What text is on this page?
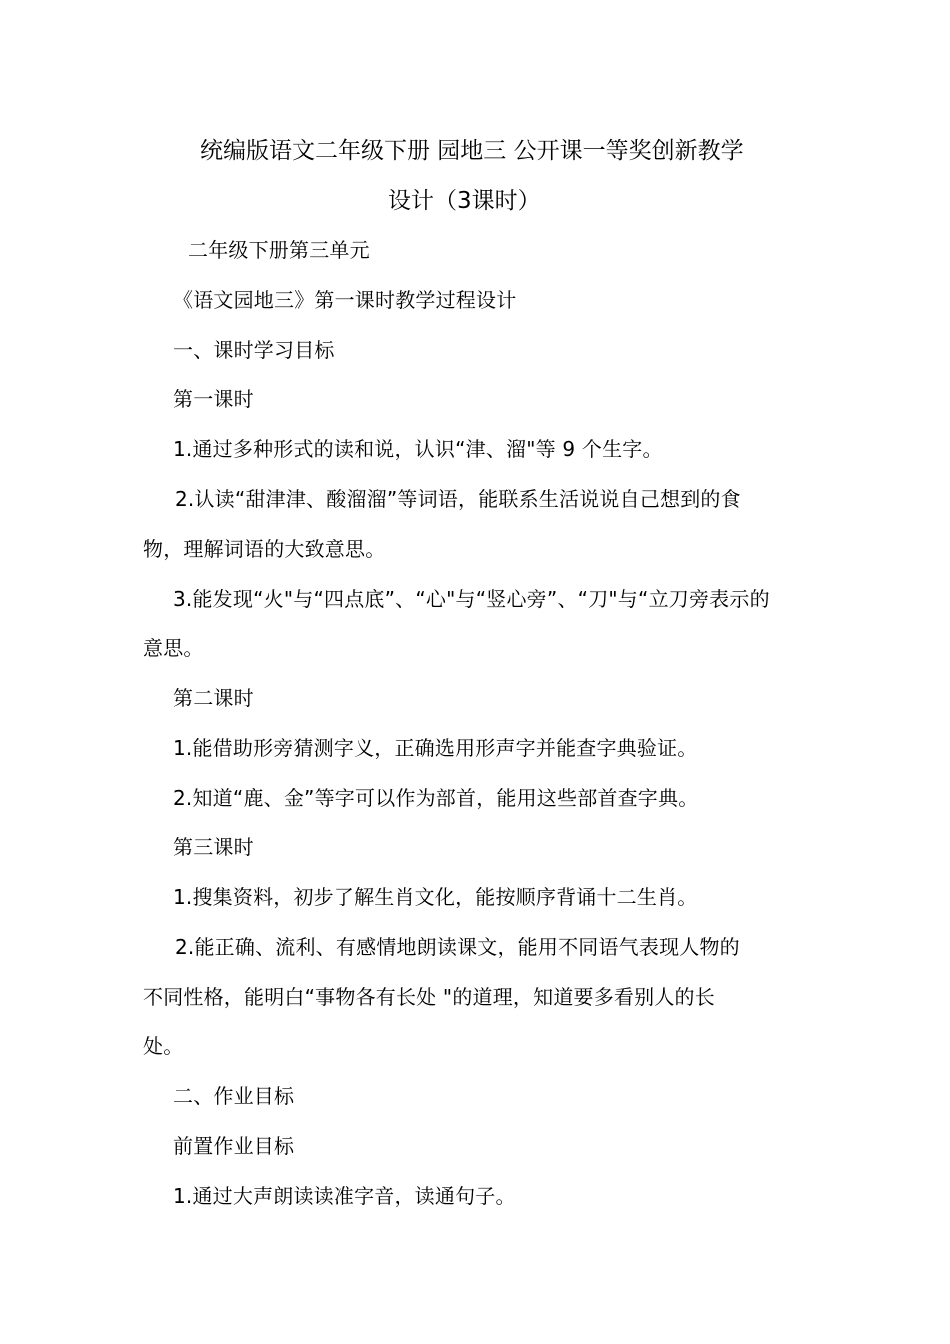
统编版语文二年级下册 园地三 公开课一等奖创新教学
设计（3课时）
二年级下册第三单元
《语文园地三》第一课时教学过程设计
一、课时学习目标
第一课时
1.通过多种形式的读和说，认识“津、溜"等 9 个生字。
2.认读“甜津津、酸溜溜”等词语，能联系生活说说自己想到的食
物，理解词语的大致意思。
3.能发现“火"与“四点底”、“心"与“竖心旁”、“刀"与“立刀旁表示的
意思。
第二课时
1.能借助形旁猜测字义，正确选用形声字并能查字典验证。
2.知道“鹿、金”等字可以作为部首，能用这些部首查字典。
第三课时
1.搜集资料，初步了解生肖文化，能按顺序背诵十二生肖。
2.能正确、流利、有感情地朗读课文，能用不同语气表现人物的
不同性格，能明白“事物各有长处 "的道理，知道要多看别人的长
处。
二、作业目标
前置作业目标
1.通过大声朗读读准字音，读通句子。
